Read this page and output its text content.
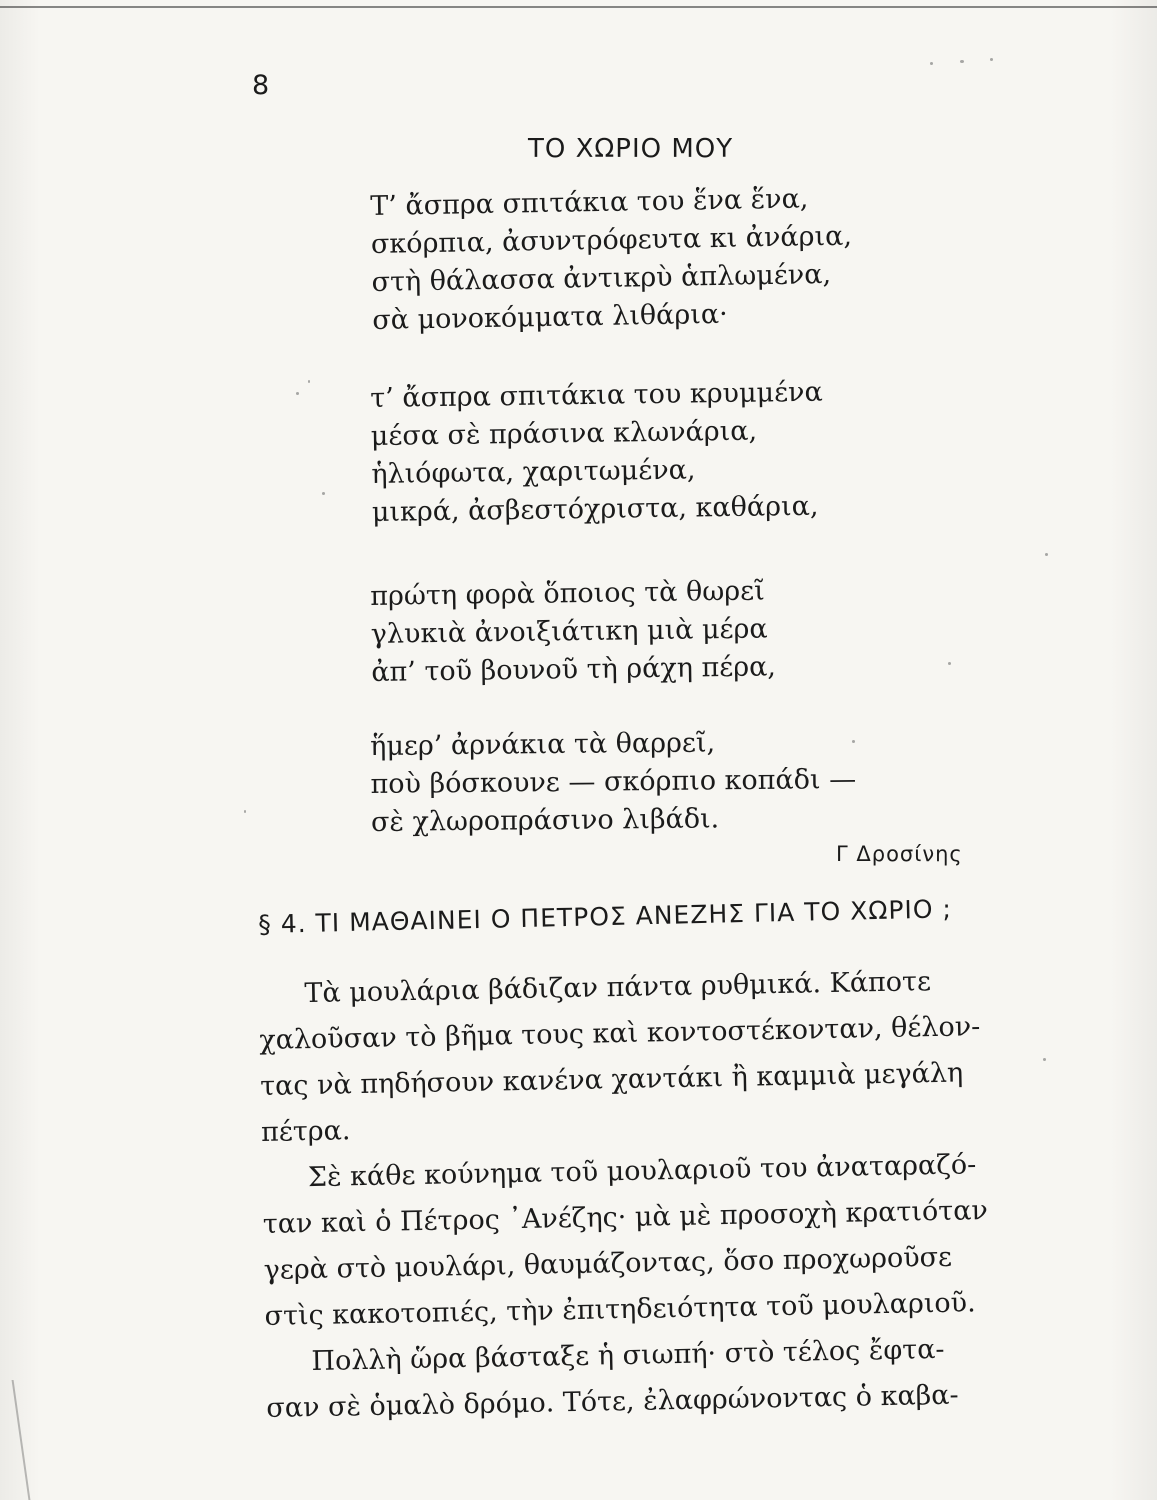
8
ΤΟ ΧΩΡΙΟ ΜΟΥ
Τ’ ἄσπρα σπιτάκια του ἕνα ἕνα,
σκόρπια, ἀσυντρόφευτα κι ἀνάρια,
στὴ θάλασσα ἀντικρὺ ἁπλωμένα,
σὰ μονοκόμματα λιθάρια·
τ’ ἄσπρα σπιτάκια του κρυμμένα
μέσα σὲ πράσινα κλωνάρια,
ἡλιόφωτα, χαριτωμένα,
μικρά, ἀσβεστόχριστα, καθάρια,
πρώτη φορὰ ὅποιος τὰ θωρεῖ
γλυκιὰ ἀνοιξιάτικη μιὰ μέρα
ἀπ’ τοῦ βουνοῦ τὴ ράχη πέρα,
ἥμερ’ ἀρνάκια τὰ θαρρεῖ,
ποὺ βόσκουνε — σκόρπιο κοπάδι —
σὲ χλωροπράσινο λιβάδι.
Γ Δροσίνης
§ 4. ΤΙ ΜΑΘΑΙΝΕΙ Ο ΠΕΤΡΟΣ ΑΝΕΖΗΣ ΓΙΑ ΤΟ ΧΩΡΙΟ ;
Τὰ μουλάρια βάδιζαν πάντα ρυθμικά. Κάποτε
χαλοῦσαν τὸ βῆμα τους καὶ κοντοστέκονταν, θέλον-
τας νὰ πηδήσουν κανένα χαντάκι ἢ καμμιὰ μεγάλη
πέτρα.
Σὲ κάθε κούνημα τοῦ μουλαριοῦ του ἀναταραζό-
ταν καὶ ὁ Πέτρος ᾿Ανέζης· μὰ μὲ προσοχὴ κρατιόταν
γερὰ στὸ μουλάρι, θαυμάζοντας, ὅσο προχωροῦσε
στὶς κακοτοπιές, τὴν ἐπιτηδειότητα τοῦ μουλαριοῦ.
Πολλὴ ὥρα βάσταξε ἡ σιωπή· στὸ τέλος ἔφτα-
σαν σὲ ὁμαλὸ δρόμο. Τότε, ἐλαφρώνοντας ὁ καβα-
